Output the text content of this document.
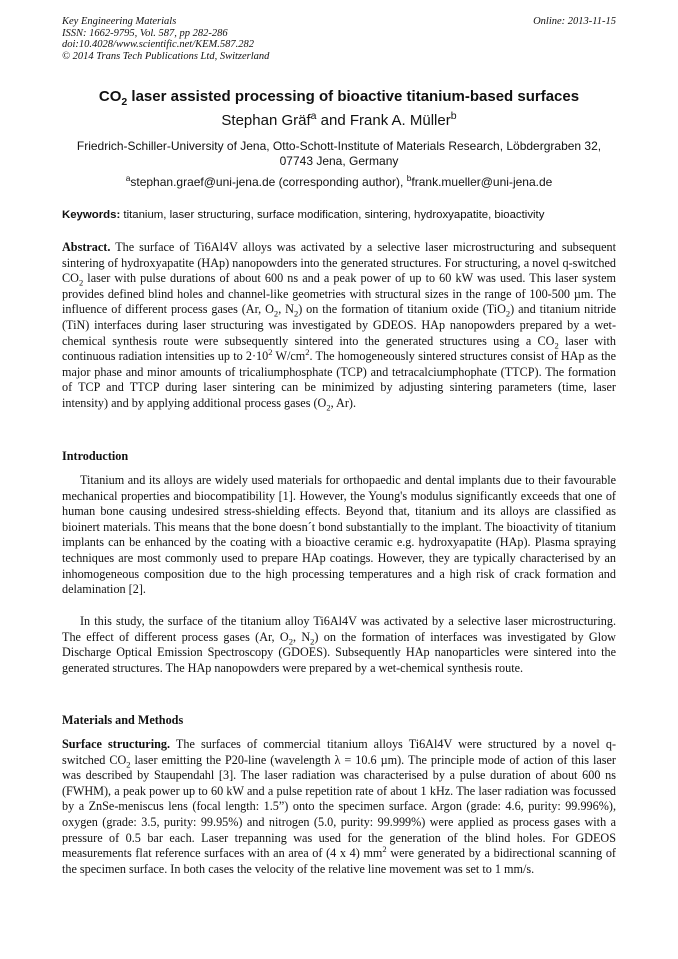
Key Engineering Materials
ISSN: 1662-9795, Vol. 587, pp 282-286
doi:10.4028/www.scientific.net/KEM.587.282
© 2014 Trans Tech Publications Ltd, Switzerland
Online: 2013-11-15
$CO_2$ laser assisted processing of bioactive titanium-based surfaces
Stephan Gräf$^a$ and Frank A. Müller$^b$
Friedrich-Schiller-University of Jena, Otto-Schott-Institute of Materials Research, Löbdergraben 32, 07743 Jena, Germany
$^a$stephan.graef@uni-jena.de (corresponding author), $^b$frank.mueller@uni-jena.de
Keywords: titanium, laser structuring, surface modification, sintering, hydroxyapatite, bioactivity
Abstract. The surface of Ti6Al4V alloys was activated by a selective laser microstructuring and subsequent sintering of hydroxyapatite (HAp) nanopowders into the generated structures. For structuring, a novel q-switched $CO_2$ laser with pulse durations of about 600 ns and a peak power of up to 60 kW was used. This laser system provides defined blind holes and channel-like geometries with structural sizes in the range of 100-500 µm. The influence of different process gases (Ar, $O_2$, $N_2$) on the formation of titanium oxide (TiO$_2$) and titanium nitride (TiN) interfaces during laser structuring was investigated by GDEOS. HAp nanopowders prepared by a wet-chemical synthesis route were subsequently sintered into the generated structures using a $CO_2$ laser with continuous radiation intensities up to $2\cdot 10^2$ $W/cm^2$. The homogeneously sintered structures consist of HAp as the major phase and minor amounts of tricaliumphosphate (TCP) and tetracalciumphophate (TTCP). The formation of TCP and TTCP during laser sintering can be minimized by adjusting sintering parameters (time, laser intensity) and by applying additional process gases ($O_2$, Ar).
Introduction
Titanium and its alloys are widely used materials for orthopaedic and dental implants due to their favourable mechanical properties and biocompatibility [1]. However, the Young's modulus significantly exceeds that one of human bone causing undesired stress-shielding effects. Beyond that, titanium and its alloys are classified as bioinert materials. This means that the bone doesn´t bond substantially to the implant. The bioactivity of titanium implants can be enhanced by the coating with a bioactive ceramic e.g. hydroxyapatite (HAp). Plasma spraying techniques are most commonly used to prepare HAp coatings. However, they are typically characterised by an inhomogeneous composition due to the high processing temperatures and a high risk of crack formation and delamination [2].
In this study, the surface of the titanium alloy Ti6Al4V was activated by a selective laser microstructuring. The effect of different process gases (Ar, $O_2$, $N_2$) on the formation of interfaces was investigated by Glow Discharge Optical Emission Spectroscopy (GDOES). Subsequently HAp nanoparticles were sintered into the generated structures. The HAp nanopowders were prepared by a wet-chemical synthesis route.
Materials and Methods
Surface structuring. The surfaces of commercial titanium alloys Ti6Al4V were structured by a novel q-switched $CO_2$ laser emitting the P20-line (wavelength λ = 10.6 µm). The principle mode of action of this laser was described by Staupendahl [3]. The laser radiation was characterised by a pulse duration of about 600 ns (FWHM), a peak power up to 60 kW and a pulse repetition rate of about 1 kHz. The laser radiation was focussed by a ZnSe-meniscus lens (focal length: 1.5”) onto the specimen surface. Argon (grade: 4.6, purity: 99.996%), oxygen (grade: 3.5, purity: 99.95%) and nitrogen (5.0, purity: 99.999%) were applied as process gases with a pressure of 0.5 bar each. Laser trepanning was used for the generation of the blind holes. For GDEOS measurements flat reference surfaces with an area of (4 x 4) $mm^2$ were generated by a bidirectional scanning of the specimen surface. In both cases the velocity of the relative line movement was set to 1 mm/s.
